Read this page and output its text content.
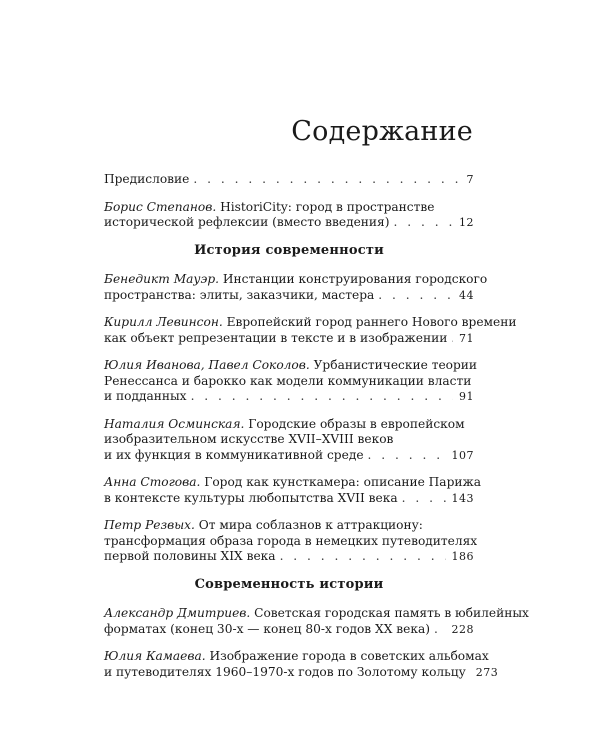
Содержание
Предисловие . . .	7
Борис Степанов. HistoriCity: город в пространстве
исторической рефлексии (вместо введения) . . .	12
История современности
Бенедикт Мауэр. Инстанции конструирования городского
пространства: элиты, заказчики, мастера . . .	44
Кирилл Левинсон. Европейский город раннего Нового времени
как объект репрезентации в тексте и в изображении . . . 71
Юлия Иванова, Павел Соколов. Урбанистические теории
Ренессанса и барокко как модели коммуникации власти
и подданных . . .	91
Наталия Осминская. Городские образы в европейском
изобразительном искусстве XVII–XVIII веков
и их функция в коммуникативной среде . . .	107
Анна Стогова. Город как кунсткамера: описание Парижа
в контексте культуры любопытства XVII века . . .	143
Петр Резвых. От мира соблазнов к аттракциону:
трансформация образа города в немецких путеводителях
первой половины XIX века . . .	186
Современность истории
Александр Дмитриев. Советская городская память в юбилейных
форматах (конец 30-х — конец 80-х годов XX века) . . . 228
Юлия Камаева. Изображение города в советских альбомах
и путеводителях 1960–1970-х годов по Золотому кольцу 273
